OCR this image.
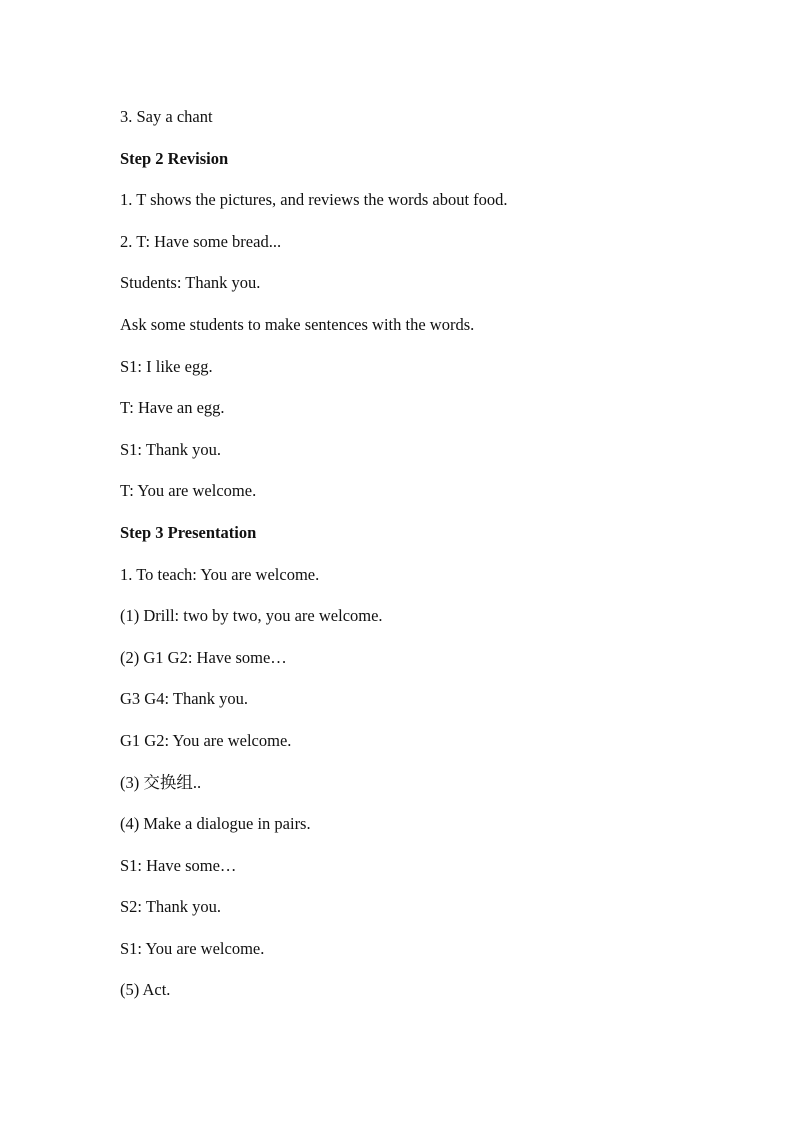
3. Say a chant
Step 2 Revision
1. T shows the pictures, and reviews the words about food.
2. T: Have some bread...
Students: Thank you.
Ask some students to make sentences with the words.
S1: I like egg.
T: Have an egg.
S1: Thank you.
T: You are welcome.
Step 3 Presentation
1. To teach: You are welcome.
(1) Drill: two by two, you are welcome.
(2) G1 G2: Have some…
G3 G4: Thank you.
G1 G2: You are welcome.
(3) 交换组..
(4) Make a dialogue in pairs.
S1: Have some…
S2: Thank you.
S1: You are welcome.
(5) Act.
